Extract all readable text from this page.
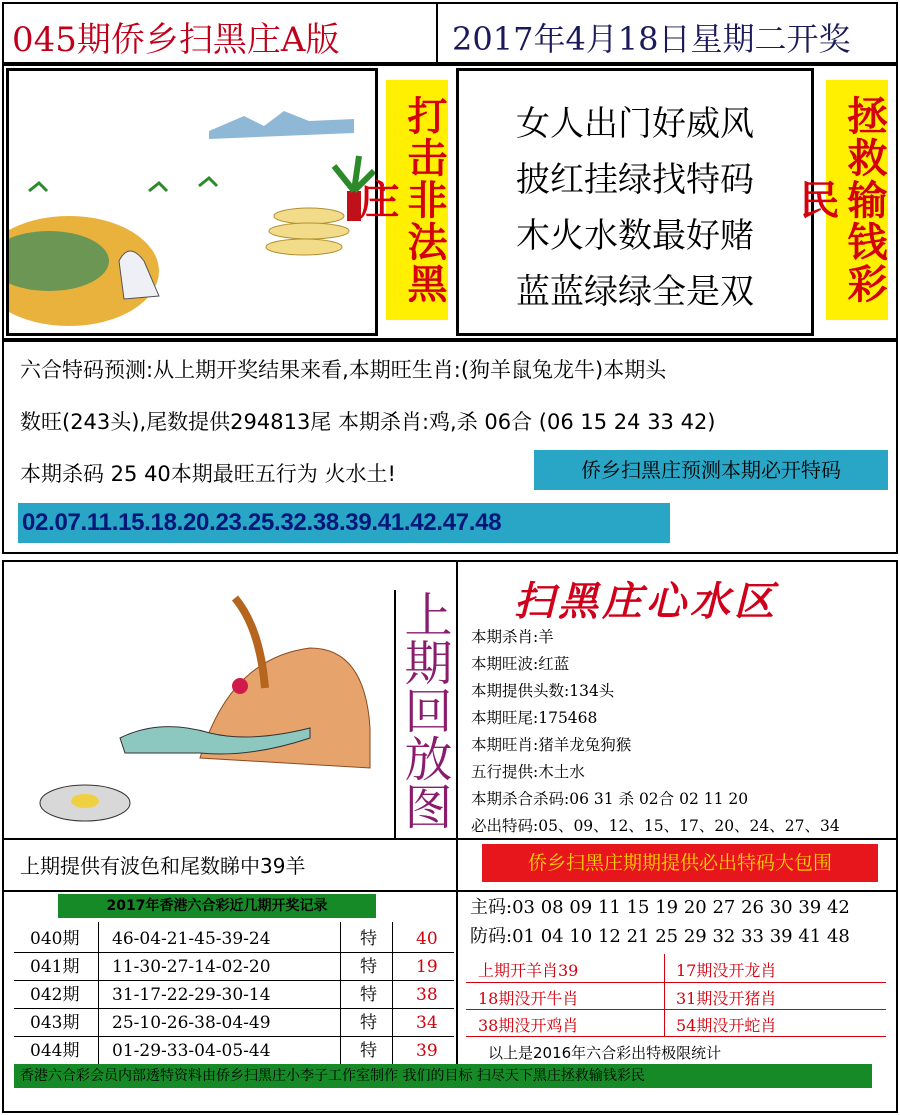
045期侨乡扫黑庄A版	2017年4月18日星期二开奖
打击非法黑庄
女人出门好威风
披红挂绿找特码
木火水数最好赌
蓝蓝绿绿全是双	拯救输钱彩民
六合特码预测:从上期开奖结果来看,本期旺生肖:(狗羊鼠兔龙牛)本期头
数旺(243头),尾数提供294813尾 本期杀肖:鸡,杀 06合 (06 15 24 33 42)
本期杀码 25 40本期最旺五行为 火水土!	侨乡扫黑庄预测本期必开特码
02.07.11.15.18.20.23.25.32.38.39.41.42.47.48
上期回放图 扫黑庄心水区
本期杀肖:羊
本期旺波:红蓝
本期提供头数:134头
本期旺尾:175468
本期旺肖:猪羊龙兔狗猴
五行提供:木土水
本期杀合杀码:06 31 杀 02合 02 11 20
必出特码:05、09、12、15、17、20、24、27、34
上期提供有波色和尾数睇中39羊	侨乡扫黑庄期期提供必出特码大包围
2017年香港六合彩近几期开奖记录	主码:03 08 09 11 15 19 20 27 26 30 39 42
防码:01 04 10 12 21 25 29 32 33 39 41 48
040期 46-04-21-45-39-24	特 40
041期 11-30-27-14-02-20	特 19
042期 31-17-22-29-30-14	特 38
043期 25-10-26-38-04-49	特 34
044期 01-29-33-04-05-44	特 39
上期开羊肖39	17期没开龙肖
18期没开牛肖	31期没开猪肖
38期没开鸡肖	54期没开蛇肖
以上是2016年六合彩出特极限统计
香港六合彩会员内部透特资料由侨乡扫黑庄小李子工作室制作 我们的目标 扫尽天下黑庄拯救输钱彩民
